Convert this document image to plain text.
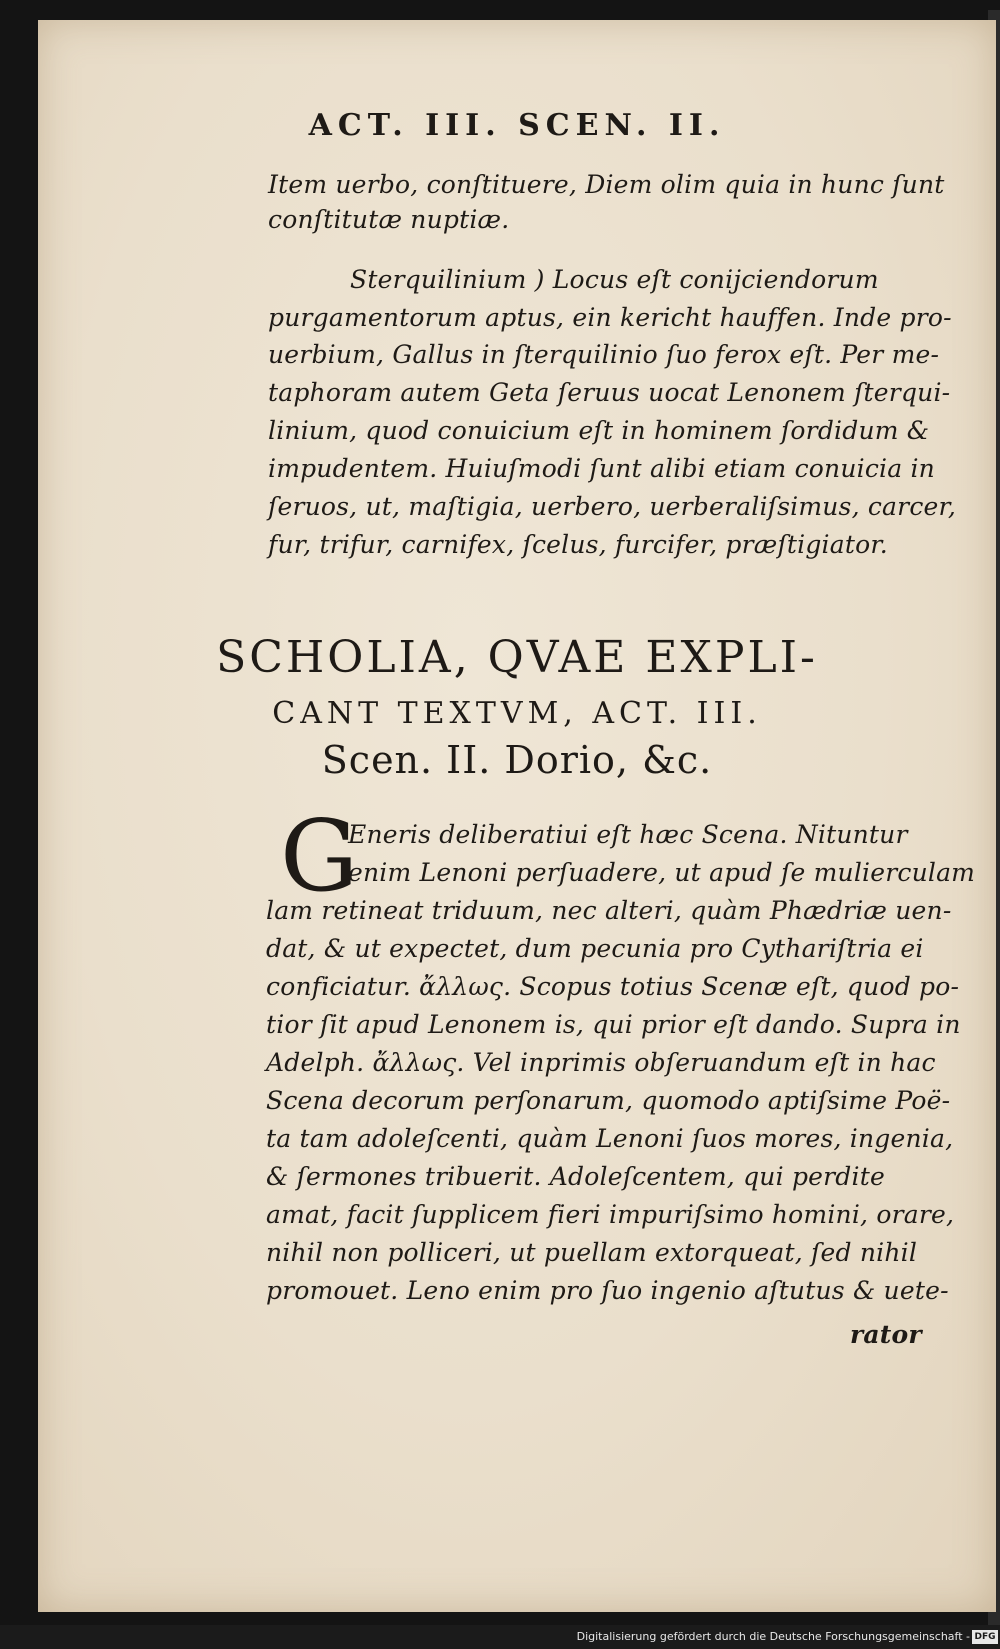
ACT. III. SCEN. II.
Item uerbo, conſtituere, Diem olim quia in hunc ſunt
conſtitutæ nuptiæ.
Sterquilinium ) Locus eſt conijciendorum
purgamentorum aptus, ein kericht hauffen. Inde pro-
uerbium, Gallus in ſterquilinio ſuo ferox eſt. Per me-
taphoram autem Geta ſeruus uocat Lenonem ſterqui-
linium, quod conuicium eſt in hominem ſordidum &
impudentem. Huiuſmodi ſunt alibi etiam conuicia in
ſeruos, ut, maſtigia, uerbero, uerberaliſsimus, carcer,
fur, trifur, carnifex, ſcelus, furcifer, præſtigiator.
SCHOLIA, QVAE EXPLI-
CANT TEXTVM, ACT. III.
Scen. II. Dorio, &c.
G
Eneris deliberatiui eſt hæc Scena. Nituntur
enim Lenoni perſuadere, ut apud ſe mulierculam
lam retineat triduum, nec alteri, quàm Phædriæ uen-
dat, & ut expectet, dum pecunia pro Cythariſtria ei
conficiatur. ἄλλως. Scopus totius Scenæ eſt, quod po-
tior ſit apud Lenonem is, qui prior eſt dando. Supra in
Adelph. ἄλλως. Vel inprimis obſeruandum eſt in hac
Scena decorum perſonarum, quomodo aptiſsime Poë-
ta tam adoleſcenti, quàm Lenoni ſuos mores, ingenia,
& ſermones tribuerit. Adoleſcentem, qui perdite
amat, facit ſupplicem fieri impuriſsimo homini, orare,
nihil non polliceri, ut puellam extorqueat, ſed nihil
promouet. Leno enim pro ſuo ingenio aſtutus & uete-
rator
Digitalisierung gefördert durch die Deutsche Forschungsgemeinschaft - DFG
